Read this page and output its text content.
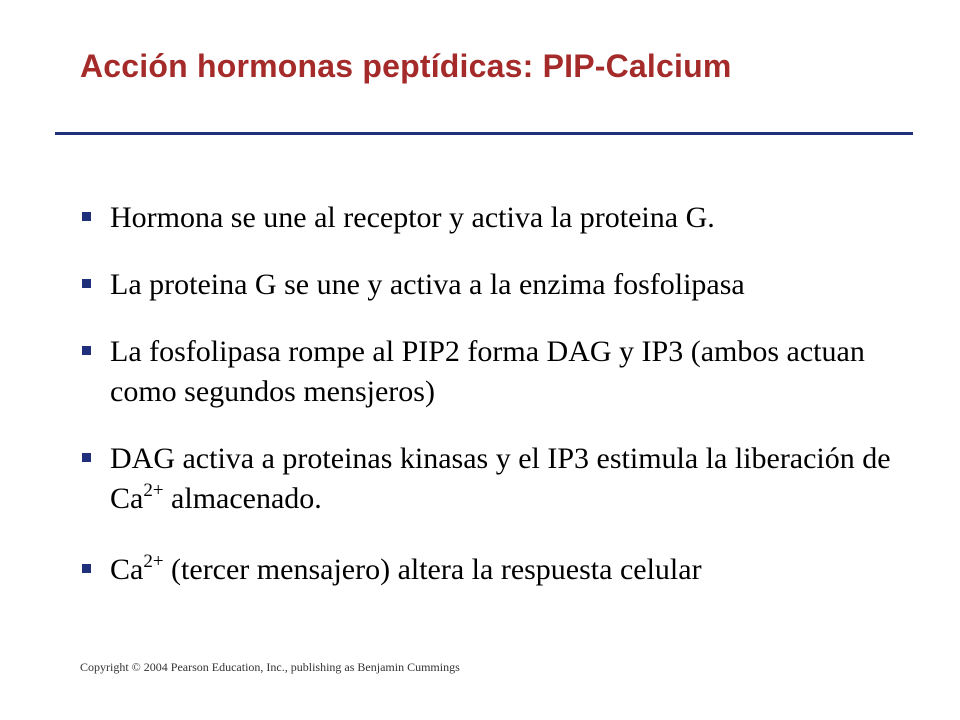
Acción hormonas peptídicas: PIP-Calcium
Hormona se une al receptor y activa la proteina G.
La proteina G se une y activa a la enzima fosfolipasa
La fosfolipasa rompe al PIP2 forma DAG y IP3 (ambos actuan como segundos mensjeros)
DAG activa a proteinas kinasas y el IP3 estimula la liberación de $Ca^{2+}$ almacenado.
$Ca^{2+}$ (tercer mensajero) altera la respuesta celular
Copyright © 2004 Pearson Education, Inc., publishing as Benjamin Cummings
